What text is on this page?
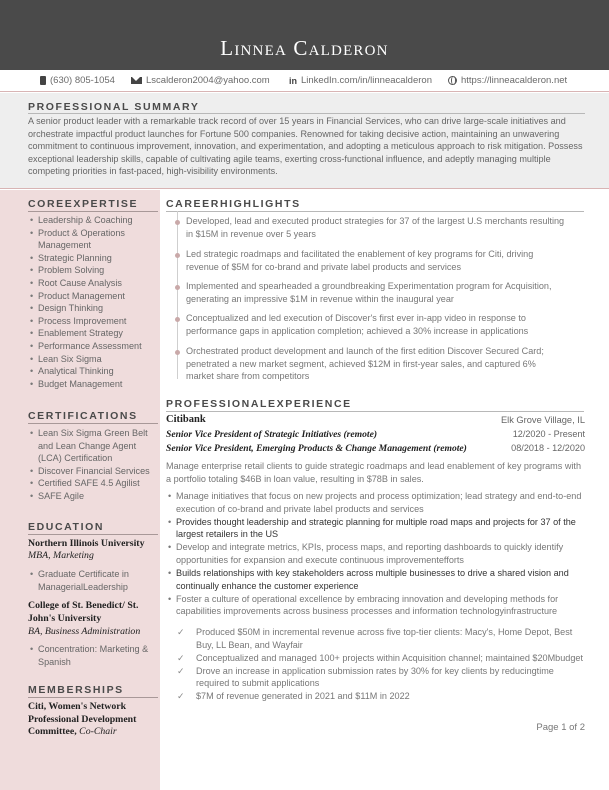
Linnea Calderon
(630) 805-1054	Lscalderon2004@yahoo.com in LinkedIn.com/in/linneacalderon	https://linneacalderon.net
PROFESSIONAL SUMMARY
A senior product leader with a remarkable track record of over 15 years in Financial Services, who can drive large-scale initiatives and orchestrate impactful product launches for Fortune 500 companies. Renowned for taking decisive action, maintaining an unwavering commitment to continuous improvement, innovation, and experimentation, and adopting a meticulous approach to risk mitigation. Possess exceptional leadership skills, capable of cultivating agile teams, exerting cross-functional influence, and adeptly managing multiple competing priorities in fast-paced, high-visibility environments.
COREEXPERTISE
• Leadership & Coaching
• Product & Operations Management
• Strategic Planning
• Problem Solving
• Root Cause Analysis
• Product Management
• Design Thinking
• Process Improvement
• Enablement Strategy
• Performance Assessment
• Lean Six Sigma
• Analytical Thinking
• Budget Management
CERTIFICATIONS
• Lean Six Sigma Green Belt and Lean Change Agent (LCA) Certification
• Discover Financial Services
• Certified SAFE 4.5 Agilist
• SAFE Agile
EDUCATION
Northern Illinois University
MBA, Marketing
• Graduate Certificate in ManagerialLeadership
College of St. Benedict/ St. John's University
BA, Business Administration
• Concentration: Marketing & Spanish
MEMBERSHIPS
Citi, Women's Network Professional Development Committee, Co-Chair
CAREERHIGHLIGHTS
Developed, lead and executed product strategies for 37 of the largest U.S merchants resulting in $15M in revenue over 5 years
Led strategic roadmaps and facilitated the enablement of key programs for Citi, driving revenue of $5M for co-brand and private label products and services
Implemented and spearheaded a groundbreaking Experimentation program for Acquisition, generating an impressive $1M in revenue within the inaugural year
Conceptualized and led execution of Discover's first ever in-app video in response to performance gaps in application completion; achieved a 30% increase in applications
Orchestrated product development and launch of the first edition Discover Secured Card; penetrated a new market segment, achieved $12M in first-year sales, and captured 6% market share from competitors
PROFESSIONALEXPERIENCE
Citibank	Elk Grove Village, IL
Senior Vice President of Strategic Initiatives (remote)	12/2020 - Present
Senior Vice President, Emerging Products & Change Management (remote)	08/2018 - 12/2020
Manage enterprise retail clients to guide strategic roadmaps and lead enablement of key programs with a portfolio totaling $46B in loan value, resulting in $78B in sales.
• Manage initiatives that focus on new projects and process optimization; lead strategy and end-to-end execution of co-brand and private label products and services
• Provides thought leadership and strategic planning for multiple road maps and projects for 37 of the largest retailers in the US
• Develop and integrate metrics, KPIs, process maps, and reporting dashboards to quickly identify opportunities for expansion and execute continuous improvementefforts
• Builds relationships with key stakeholders across multiple businesses to drive a shared vision and continually enhance the customer experience
• Foster a culture of operational excellence by embracing innovation and developing methods for capabilities improvements across business processes and information technologyinfrastructure
✓ Produced $50M in incremental revenue across five top-tier clients: Macy's, Home Depot, Best Buy, LL Bean, and Wayfair
✓ Conceptualized and managed 100+ projects within Acquisition channel; maintained $20Mbudget
✓ Drove an increase in application submission rates by 30% for key clients by reducingtime required to submit applications
✓ $7M of revenue generated in 2021 and $11M in 2022
Page 1 of 2
